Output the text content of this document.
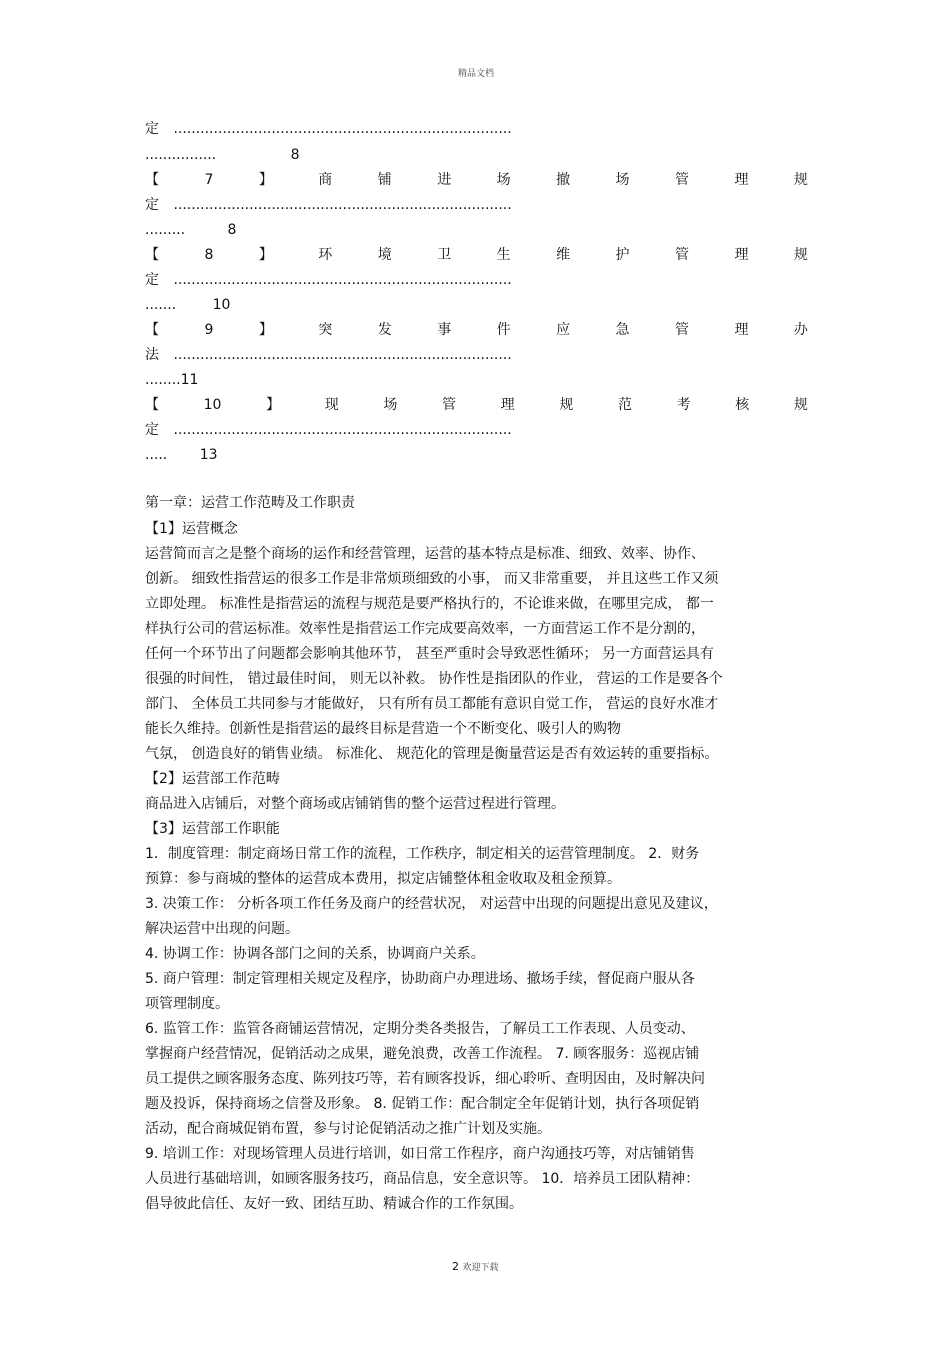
精品文档
定 ............................................................................
................	8
【	7	】	商	铺	进	场	撤	场	管	理	规
定 ............................................................................
.........	8
【	8	】	环	境	卫	生	维	护	管	理	规
定 ............................................................................
.......	10
【	9	】	突	发	事	件	应	急	管	理	办
法 ............................................................................
........11
【	10	】	现	场	管	理	规	范	考	核	规
定 ............................................................................
..... 13
第一章：运营工作范畴及工作职责
【1】运营概念
运营简而言之是整个商场的运作和经营管理，运营的基本特点是标准、细致、效率、协作、
创新。 细致性指营运的很多工作是非常烦琐细致的小事， 而又非常重要， 并且这些工作又须
立即处理。 标准性是指营运的流程与规范是要严格执行的，不论谁来做，在哪里完成， 都一
样执行公司的营运标准。效率性是指营运工作完成要高效率，一方面营运工作不是分割的，
任何一个环节出了问题都会影响其他环节， 甚至严重时会导致恶性循环； 另一方面营运具有
很强的时间性， 错过最佳时间， 则无以补救。 协作性是指团队的作业， 营运的工作是要各个
部门、 全体员工共同参与才能做好， 只有所有员工都能有意识自觉工作， 营运的良好水准才
能长久维持。创新性是指营运的最终目标是营造一个不断变化、吸引人的购物
气氛， 创造良好的销售业绩。 标准化、 规范化的管理是衡量营运是否有效运转的重要指标。
【2】运营部工作范畴
商品进入店铺后，对整个商场或店铺销售的整个运营过程进行管理。
【3】运营部工作职能
1．制度管理：制定商场日常工作的流程，工作秩序，制定相关的运营管理制度。 2．财务
预算：参与商城的整体的运营成本费用，拟定店铺整体租金收取及租金预算。
3. 决策工作： 分析各项工作任务及商户的经营状况， 对运营中出现的问题提出意见及建议，
解决运营中出现的问题。
4. 协调工作：协调各部门之间的关系，协调商户关系。
5. 商户管理：制定管理相关规定及程序，协助商户办理进场、撤场手续，督促商户服从各
项管理制度。
6. 监管工作：监管各商铺运营情况，定期分类各类报告，了解员工工作表现、人员变动、
掌握商户经营情况，促销活动之成果，避免浪费，改善工作流程。 7. 顾客服务：巡视店铺
员工提供之顾客服务态度、陈列技巧等，若有顾客投诉，细心聆听、查明因由，及时解决问
题及投诉，保持商场之信誉及形象。 8. 促销工作：配合制定全年促销计划，执行各项促销
活动，配合商城促销布置，参与讨论促销活动之推广计划及实施。
9. 培训工作：对现场管理人员进行培训，如日常工作程序，商户沟通技巧等，对店铺销售
人员进行基础培训，如顾客服务技巧，商品信息，安全意识等。 10．培养员工团队精神：
倡导彼此信任、友好一致、团结互助、精诚合作的工作氛围。
2 欢迎下载
